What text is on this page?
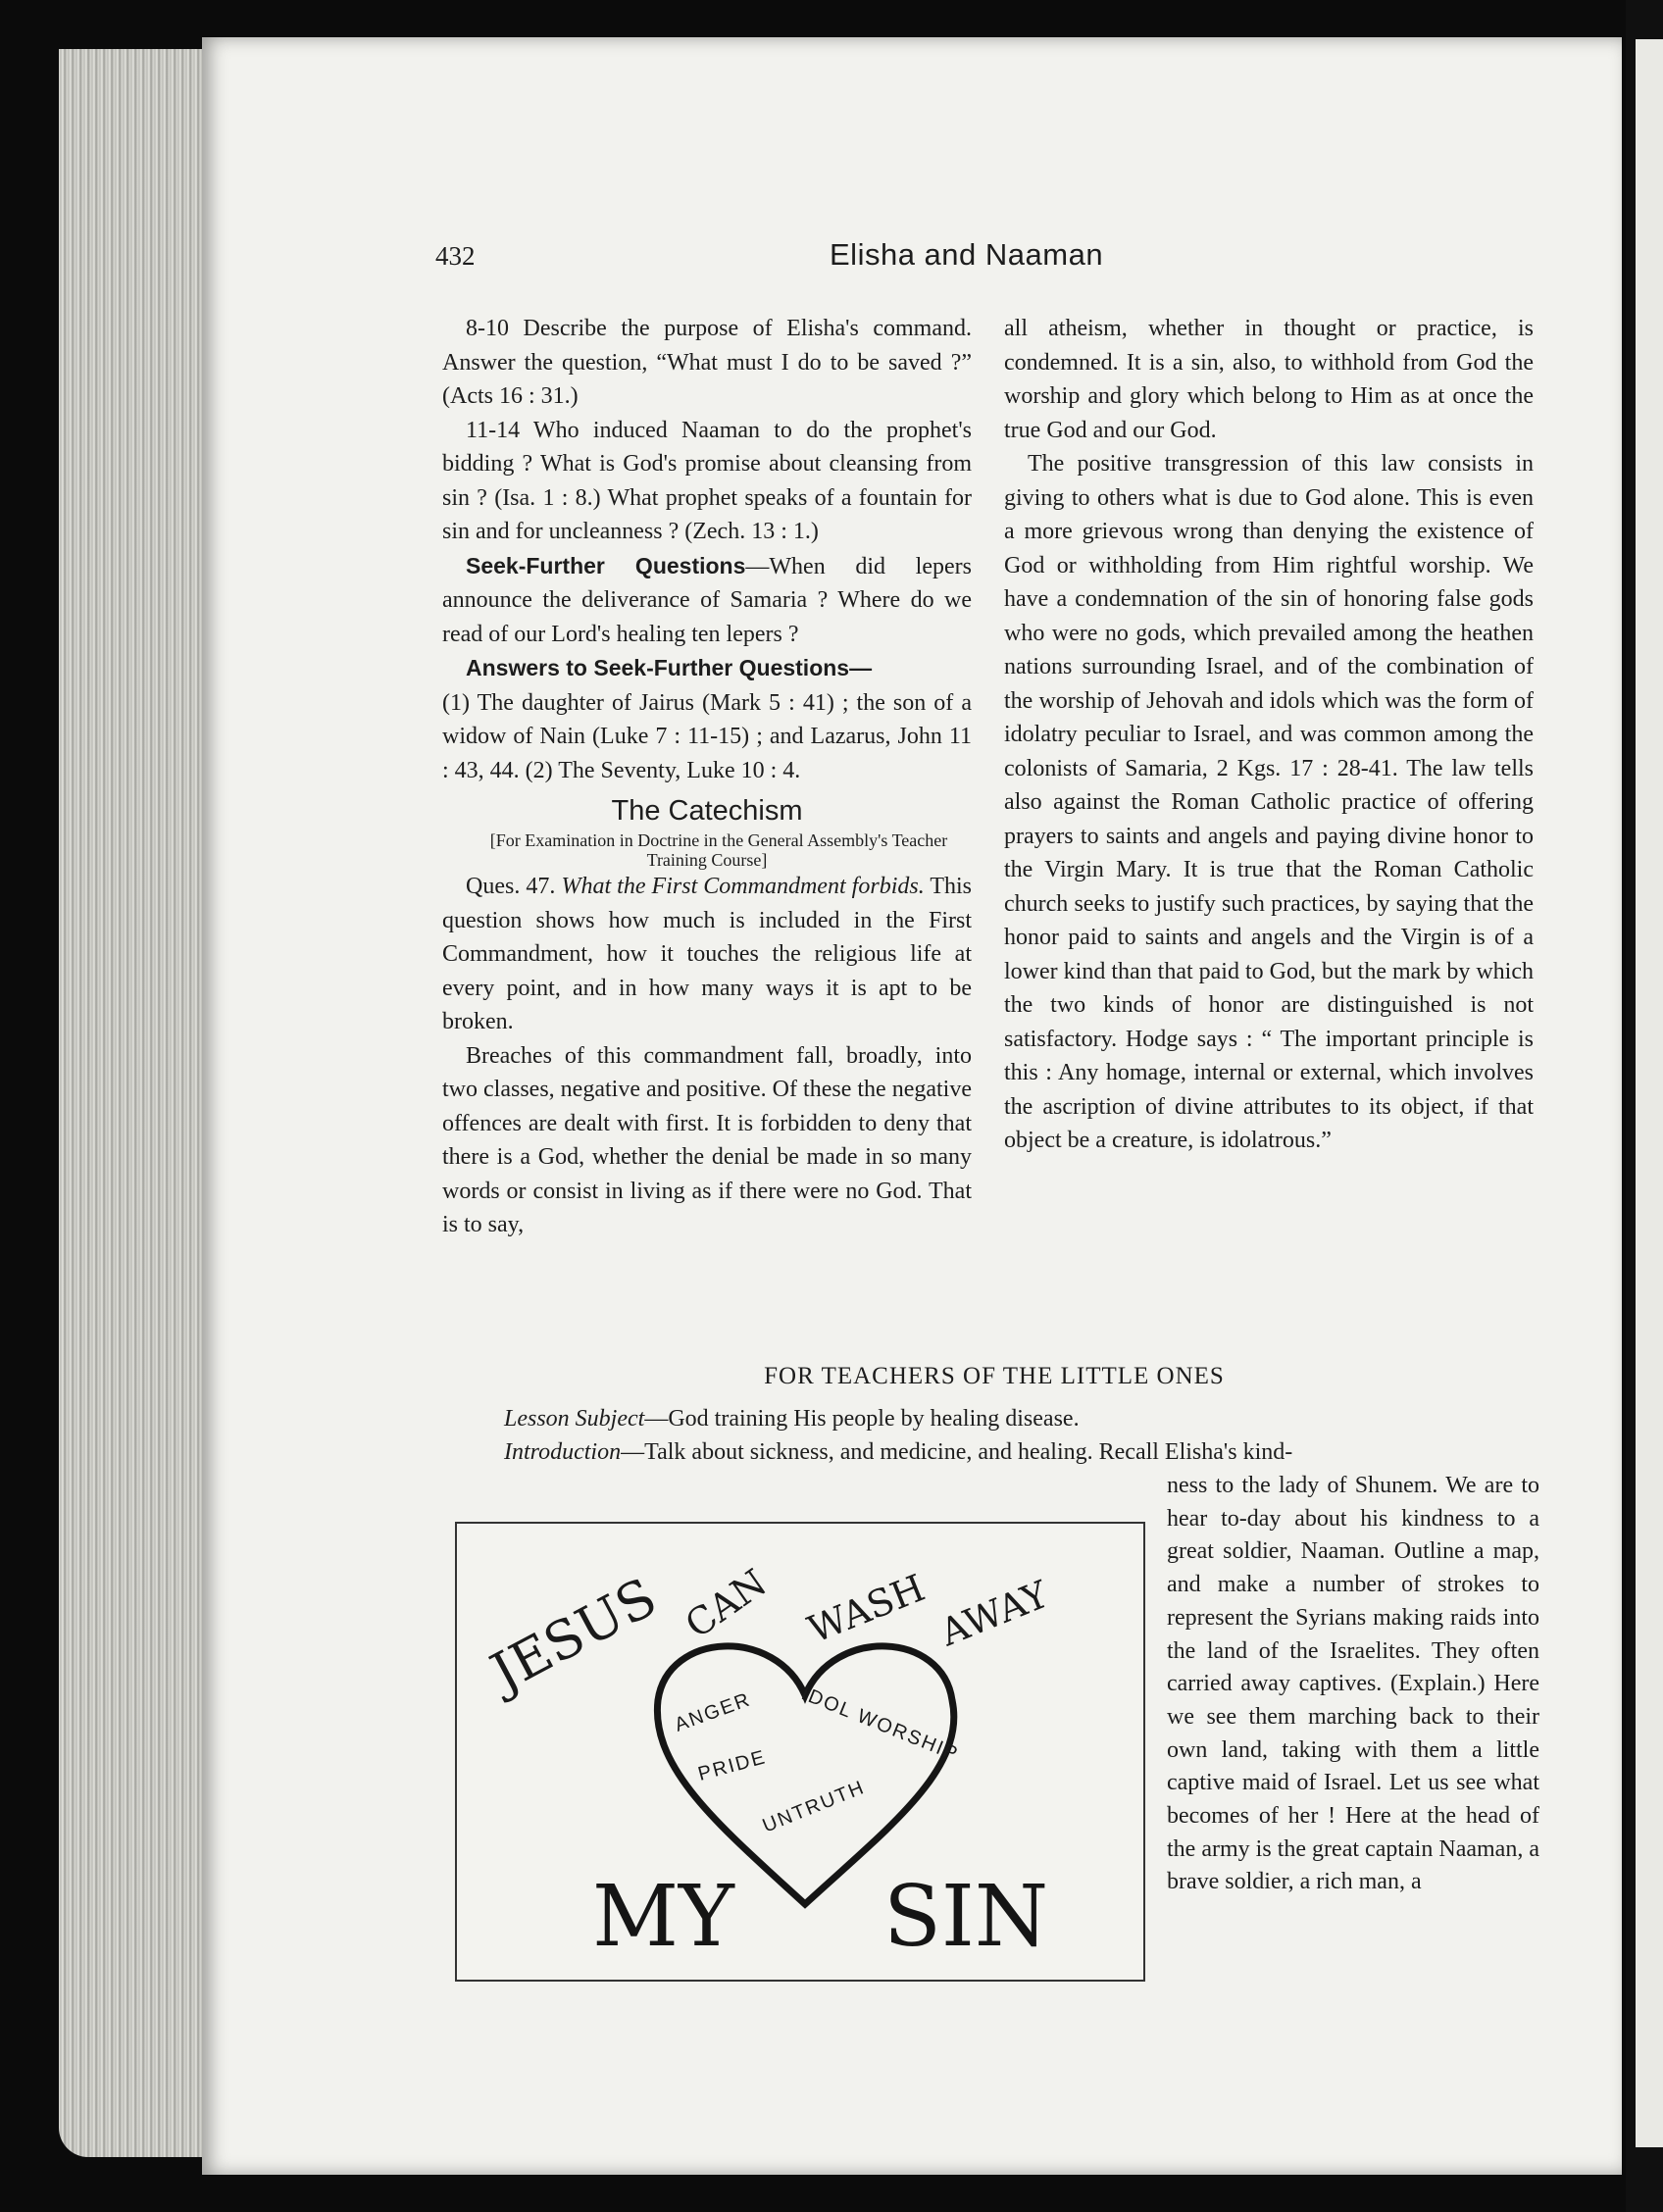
432	Elisha and Naaman

8-10 Describe the purpose of Elisha's command. Answer the question, “What must I do to be saved ?” (Acts 16 : 31.)

11-14 Who induced Naaman to do the prophet's bidding ? What is God's promise about cleansing from sin ? (Isa. 1 : 8.) What prophet speaks of a fountain for sin and for uncleanness ? (Zech. 13 : 1.)

Seek-Further Questions—When did lepers announce the deliverance of Samaria ? Where do we read of our Lord's healing ten lepers ?

Answers to Seek-Further Questions—
(1) The daughter of Jairus (Mark 5 : 41) ; the son of a widow of Nain (Luke 7 : 11-15) ; and Lazarus, John 11 : 43, 44. (2) The Seventy, Luke 10 : 4.

The Catechism

[For Examination in Doctrine in the General Assembly's Teacher Training Course]

Ques. 47. What the First Commandment forbids. This question shows how much is included in the First Commandment, how it touches the religious life at every point, and in how many ways it is apt to be broken.

Breaches of this commandment fall, broadly, into two classes, negative and positive. Of these the negative offences are dealt with first. It is forbidden to deny that there is a God, whether the denial be made in so many words or consist in living as if there were no God. That is to say,

all atheism, whether in thought or practice, is condemned. It is a sin, also, to withhold from God the worship and glory which belong to Him as at once the true God and our God.

The positive transgression of this law consists in giving to others what is due to God alone. This is even a more grievous wrong than denying the existence of God or withholding from Him rightful worship. We have a condemnation of the sin of honoring false gods who were no gods, which prevailed among the heathen nations surrounding Israel, and of the combination of the worship of Jehovah and idols which was the form of idolatry peculiar to Israel, and was common among the colonists of Samaria, 2 Kgs. 17 : 28-41. The law tells also against the Roman Catholic practice of offering prayers to saints and angels and paying divine honor to the Virgin Mary. It is true that the Roman Catholic church seeks to justify such practices, by saying that the honor paid to saints and angels and the Virgin is of a lower kind than that paid to God, but the mark by which the two kinds of honor are distinguished is not satisfactory. Hodge says : “ The important principle is this : Any homage, internal or external, which involves the ascription of divine attributes to its object, if that object be a creature, is idolatrous.”

FOR TEACHERS OF THE LITTLE ONES
Lesson Subject—God training His people by healing disease.
Introduction—Talk about sickness, and medicine, and healing. Recall Elisha's kind-
ness to the lady of Shunem. We are to hear to-day about his kindness to a great soldier, Naaman. Outline a map, and make a number of strokes to represent the Syrians making raids into the land of the Israelites. They often carried away captives. (Explain.) Here we see them marching back to their own land, taking with them a little captive maid of Israel. Let us see what becomes of her ! Here at the head of the army is the great captain Naaman, a brave soldier, a rich man, a
JESUS CAN WASH AWAY
ANGER IDOL WORSHIP
PRIDE
UNTRUTH
MY SIN
